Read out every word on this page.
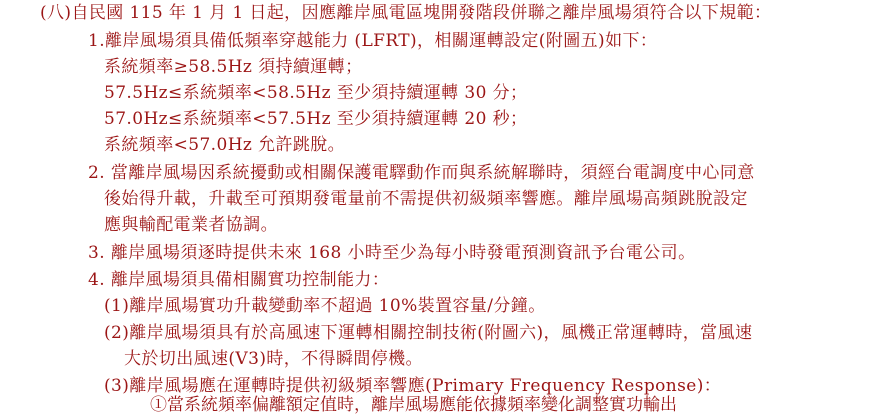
(八)自民國 115 年 1 月 1 日起，因應離岸風電區塊開發階段併聯之離岸風場須符合以下規範：
1.離岸風場須具備低頻率穿越能力 (LFRT)，相關運轉設定(附圖五)如下：
系統頻率≥58.5Hz 須持續運轉；
57.5Hz≤系統頻率<58.5Hz 至少須持續運轉 30 分；
57.0Hz≤系統頻率<57.5Hz 至少須持續運轉 20 秒；
系統頻率<57.0Hz 允許跳脫。
2. 當離岸風場因系統擾動或相關保護電驛動作而與系統解聯時，須經台電調度中心同意
後始得升載，升載至可預期發電量前不需提供初級頻率響應。離岸風場高頻跳脫設定
應與輸配電業者協調。
3. 離岸風場須逐時提供未來 168 小時至少為每小時發電預測資訊予台電公司。
4. 離岸風場須具備相關實功控制能力：
(1)離岸風場實功升載變動率不超過 10%裝置容量/分鐘。
(2)離岸風場須具有於高風速下運轉相關控制技術(附圖六)，風機正常運轉時，當風速
大於切出風速(V3)時，不得瞬間停機。
(3)離岸風場應在運轉時提供初級頻率響應(Primary Frequency Response)：
①當系統頻率偏離額定值時，離岸風場應能依據頻率變化調整實功輸出
